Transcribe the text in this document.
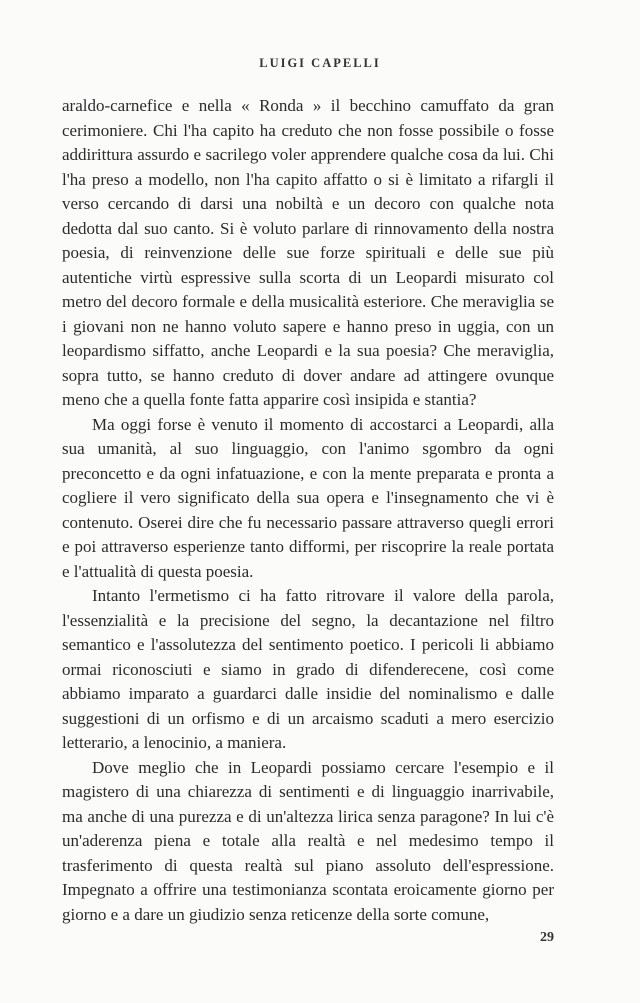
LUIGI CAPELLI

araldo-carnefice e nella « Ronda » il becchino camuffato da gran cerimoniere. Chi l'ha capito ha creduto che non fosse possibile o fosse addirittura assurdo e sacrilego voler apprendere qualche cosa da lui. Chi l'ha preso a modello, non l'ha capito affatto o si è limitato a rifargli il verso cercando di darsi una nobiltà e un decoro con qualche nota dedotta dal suo canto. Si è voluto parlare di rinnovamento della nostra poesia, di reinvenzione delle sue forze spirituali e delle sue più autentiche virtù espressive sulla scorta di un Leopardi misurato col metro del decoro formale e della musicalità esteriore. Che meraviglia se i giovani non ne hanno voluto sapere e hanno preso in uggia, con un leopardismo siffatto, anche Leopardi e la sua poesia? Che meraviglia, sopra tutto, se hanno creduto di dover andare ad attingere ovunque meno che a quella fonte fatta apparire così insipida e stantia?

Ma oggi forse è venuto il momento di accostarci a Leopardi, alla sua umanità, al suo linguaggio, con l'animo sgombro da ogni preconcetto e da ogni infatuazione, e con la mente preparata e pronta a cogliere il vero significato della sua opera e l'insegnamento che vi è contenuto. Oserei dire che fu necessario passare attraverso quegli errori e poi attraverso esperienze tanto difformi, per riscoprire la reale portata e l'attualità di questa poesia.

Intanto l'ermetismo ci ha fatto ritrovare il valore della parola, l'essenzialità e la precisione del segno, la decantazione nel filtro semantico e l'assolutezza del sentimento poetico. I pericoli li abbiamo ormai riconosciuti e siamo in grado di difenderecene, così come abbiamo imparato a guardarci dalle insidie del nominalismo e dalle suggestioni di un orfismo e di un arcaismo scaduti a mero esercizio letterario, a lenocinio, a maniera.

Dove meglio che in Leopardi possiamo cercare l'esempio e il magistero di una chiarezza di sentimenti e di linguaggio inarrivabile, ma anche di una purezza e di un'altezza lirica senza paragone? In lui c'è un'aderenza piena e totale alla realtà e nel medesimo tempo il trasferimento di questa realtà sul piano assoluto dell'espressione. Impegnato a offrire una testimonianza scontata eroicamente giorno per giorno e a dare un giudizio senza reticenze della sorte comune,

29
